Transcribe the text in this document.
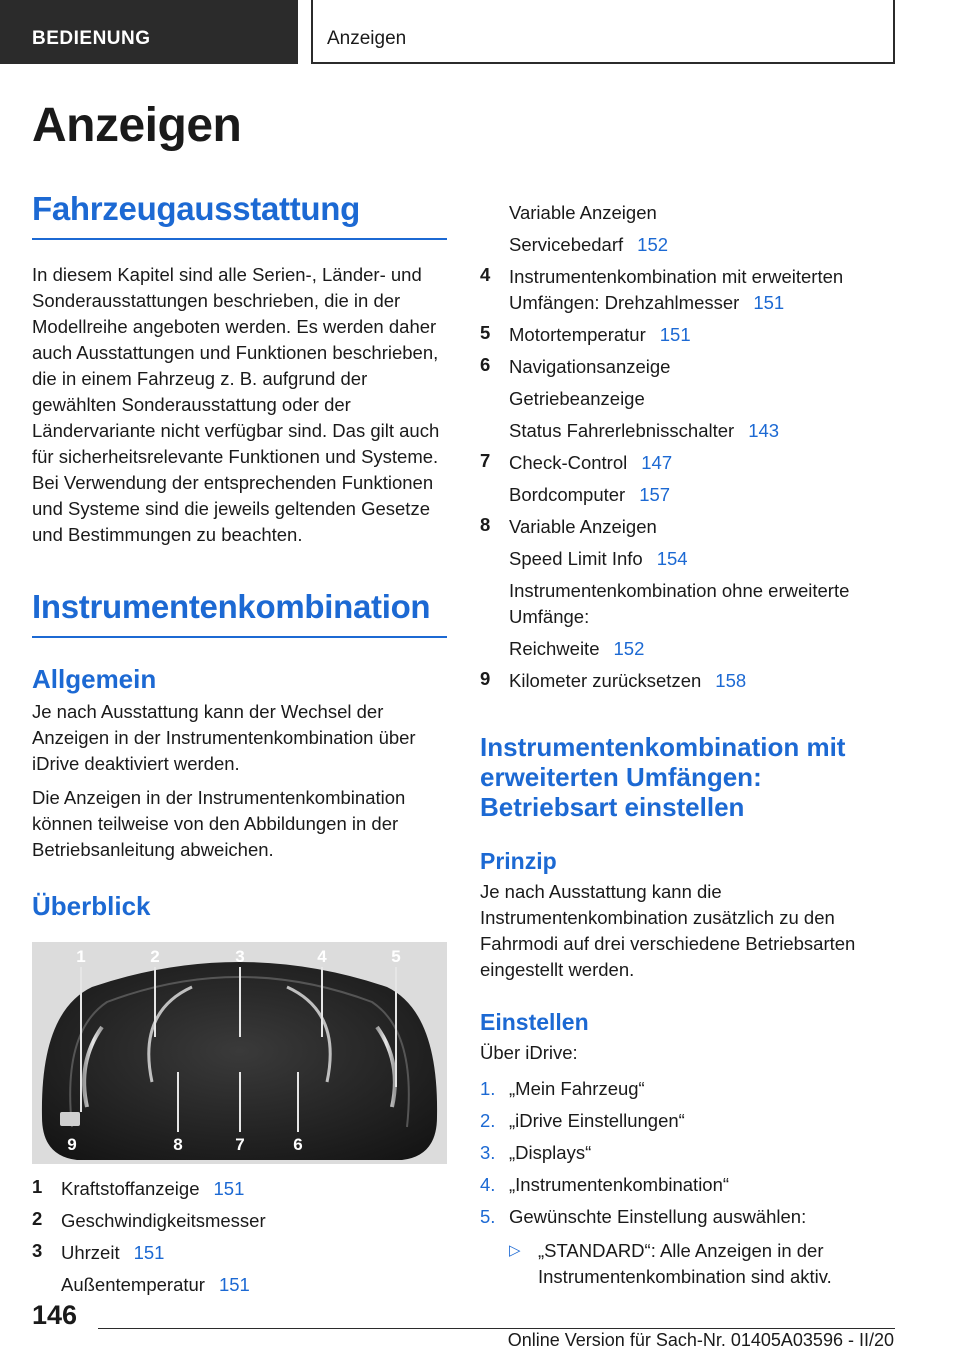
BEDIENUNG	Anzeigen
Anzeigen
Fahrzeugausstattung

In diesem Kapitel sind alle Serien-, Länder- und Sonderausstattungen beschrieben, die in der Modellreihe angeboten werden. Es werden daher auch Ausstattungen und Funktionen beschrieben, die in einem Fahrzeug z. B. aufgrund der gewählten Sonderausstattung oder der Ländervariante nicht verfügbar sind. Das gilt auch für sicherheitsrelevante Funktionen und Systeme. Bei Verwendung der entsprechenden Funktionen und Systeme sind die jeweils geltenden Gesetze und Bestimmungen zu beachten.

Instrumentenkombination
Allgemein

Je nach Ausstattung kann der Wechsel der Anzeigen in der Instrumentenkombination über iDrive deaktiviert werden.

Die Anzeigen in der Instrumentenkombination können teilweise von den Abbildungen in der Betriebsanleitung abweichen.

Überblick
1	2	3	4	5
6
7
8
9
1 Kraftstoffanzeige 151
2 Geschwindigkeitsmesser
3 Uhrzeit 151
Außentemperatur 151
Variable Anzeigen
Servicebedarf 152
4 Instrumentenkombination mit erweiterten Umfängen: Drehzahlmesser 151
5 Motortemperatur 151
6 Navigationsanzeige
Getriebeanzeige
Status Fahrerlebnisschalter 143
7 Check-Control 147
Bordcomputer 157
8 Variable Anzeigen
Speed Limit Info 154
Instrumentenkombination ohne erweiterte Umfänge:
Reichweite 152
9 Kilometer zurücksetzen 158
Instrumentenkombination mit erweiterten Umfängen: Betriebsart einstellen
Prinzip

Je nach Ausstattung kann die Instrumentenkombination zusätzlich zu den Fahrmodi auf drei verschiedene Betriebsarten eingestellt werden.

Einstellen

Über iDrive:

1. „Mein Fahrzeug“
2. „iDrive Einstellungen“
3. „Displays“
4. „Instrumentenkombination“
5. Gewünschte Einstellung auswählen:
▷ „STANDARD“: Alle Anzeigen in der Instrumentenkombination sind aktiv.
146
Online Version für Sach-Nr. 01405A03596 - II/20
